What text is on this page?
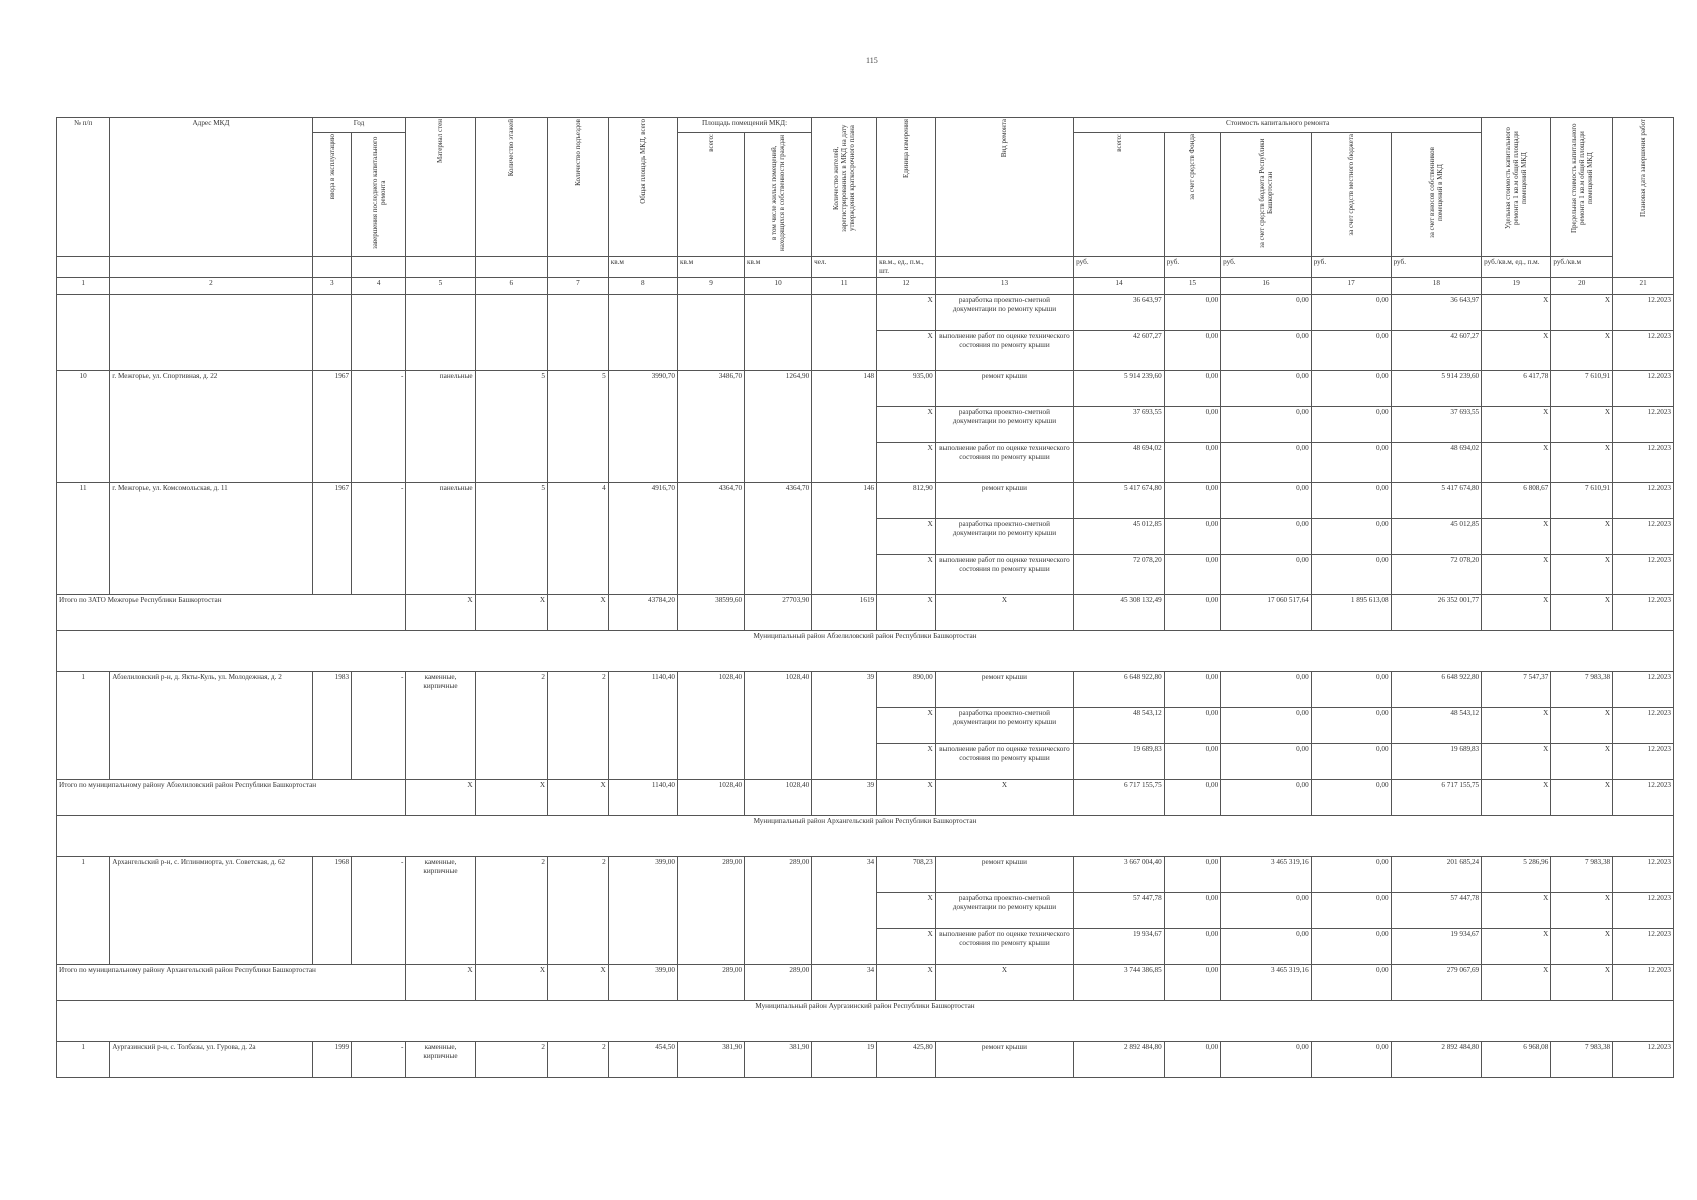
115
№ п/п	Адрес МКД	Год		Материал стен	Количество этажей	Количество подъездов	Общая площадь МКД, всего	Площадь помещений МКД:		Количество жителей, зарегистрированных в МКД на дату утверждения краткосрочного плана	Единица измерения	Вид ремонта	Стоимость капитального ремонта					Удельная стоимость капитального ремонта 1 кв.м общей площади помещений МКД	Предельная стоимость капитального ремонта 1 кв.м общей площади помещений МКД	Плановая дата завершения работ
		ввода в эксплуатацию	завершения последнего капитального ремонта					всего:	в том числе жилых помещений, находящихся в собственности граждан				всего:	за счет средств Фонда	за счет средств бюджета Республики Башкортостан	за счет средств местного бюджета	за счет взносов собственников помещений в МКД			
							кв.м	кв.м	кв.м	чел.	кв.м., ед., п.м., шт.		руб.	руб.	руб.	руб.	руб.	руб./кв.м, ед., п.м.	руб./кв.м	
1	2	3	4	5	6	7	8	9	10	11	12	13	14	15	16	17	18	19	20	21
											Х	разработка проектно-сметной документации по ремонту крыши	36 643,97	0,00	0,00	0,00	36 643,97	Х	Х	12.2023
											Х	выполнение работ по оценке технического состояния по ремонту крыши	42 607,27	0,00	0,00	0,00	42 607,27	Х	Х	12.2023
10	г. Межгорье, ул. Спортивная, д. 22	1967	-	панельные	5	5	3990,70	3486,70	1264,90	148	935,00	ремонт крыши	5 914 239,60	0,00	0,00	0,00	5 914 239,60	6 417,78	7 610,91	12.2023
											Х	разработка проектно-сметной документации по ремонту крыши	37 693,55	0,00	0,00	0,00	37 693,55	Х	Х	12.2023
											Х	выполнение работ по оценке технического состояния по ремонту крыши	48 694,02	0,00	0,00	0,00	48 694,02	Х	Х	12.2023
11	г. Межгорье, ул. Комсомольская, д. 11	1967	-	панельные	5	4	4916,70	4364,70	4364,70	146	812,90	ремонт крыши	5 417 674,80	0,00	0,00	0,00	5 417 674,80	6 808,67	7 610,91	12.2023
											Х	разработка проектно-сметной документации по ремонту крыши	45 012,85	0,00	0,00	0,00	45 012,85	Х	Х	12.2023
											Х	выполнение работ по оценке технического состояния по ремонту крыши	72 078,20	0,00	0,00	0,00	72 078,20	Х	Х	12.2023
Итого по ЗАТО Межгорье Республики Башкортостан				Х	Х	Х	43784,20	38599,60	27703,90	1619	Х	Х	45 308 132,49	0,00	17 060 517,64	1 895 613,08	26 352 001,77	Х	Х	12.2023
Муниципальный район Абзелиловский район Республики Башкортостан																				
1	Абзелиловский р-н, д. Якты-Куль, ул. Молодежная, д. 2	1983	-	каменные, кирпичные	2	2	1140,40	1028,40	1028,40	39	890,00	ремонт крыши	6 648 922,80	0,00	0,00	0,00	6 648 922,80	7 547,37	7 983,38	12.2023
											Х	разработка проектно-сметной документации по ремонту крыши	48 543,12	0,00	0,00	0,00	48 543,12	Х	Х	12.2023
											Х	выполнение работ по оценке технического состояния по ремонту крыши	19 689,83	0,00	0,00	0,00	19 689,83	Х	Х	12.2023
Итого по муниципальному району Абзелиловский район Республики Башкортостан				Х	Х	Х	1140,40	1028,40	1028,40	39	Х	Х	6 717 155,75	0,00	0,00	0,00	6 717 155,75	Х	Х	12.2023
Муниципальный район Архангельский район Республики Башкортостан																				
1	Архангельский р-н, с. Иглинмиорта, ул. Советская, д. 62	1968	-	каменные, кирпичные	2	2	399,00	289,00	289,00	34	708,23	ремонт крыши	3 667 004,40	0,00	3 465 319,16	0,00	201 685,24	5 286,96	7 983,38	12.2023
											Х	разработка проектно-сметной документации по ремонту крыши	57 447,78	0,00	0,00	0,00	57 447,78	Х	Х	12.2023
											Х	выполнение работ по оценке технического состояния по ремонту крыши	19 934,67	0,00	0,00	0,00	19 934,67	Х	Х	12.2023
Итого по муниципальному району Архангельский район Республики Башкортостан				Х	Х	Х	399,00	289,00	289,00	34	Х	Х	3 744 386,85	0,00	3 465 319,16	0,00	279 067,69	Х	Х	12.2023
Муниципальный район Аургазинский район Республики Башкортостан																				
1	Аургазинский р-н, с. Толбазы, ул. Гурова, д. 2а	1999	-	каменные, кирпичные	2	2	454,50	381,90	381,90	19	425,80	ремонт крыши	2 892 484,80	0,00	0,00	0,00	2 892 484,80	6 968,08	7 983,38	12.2023
